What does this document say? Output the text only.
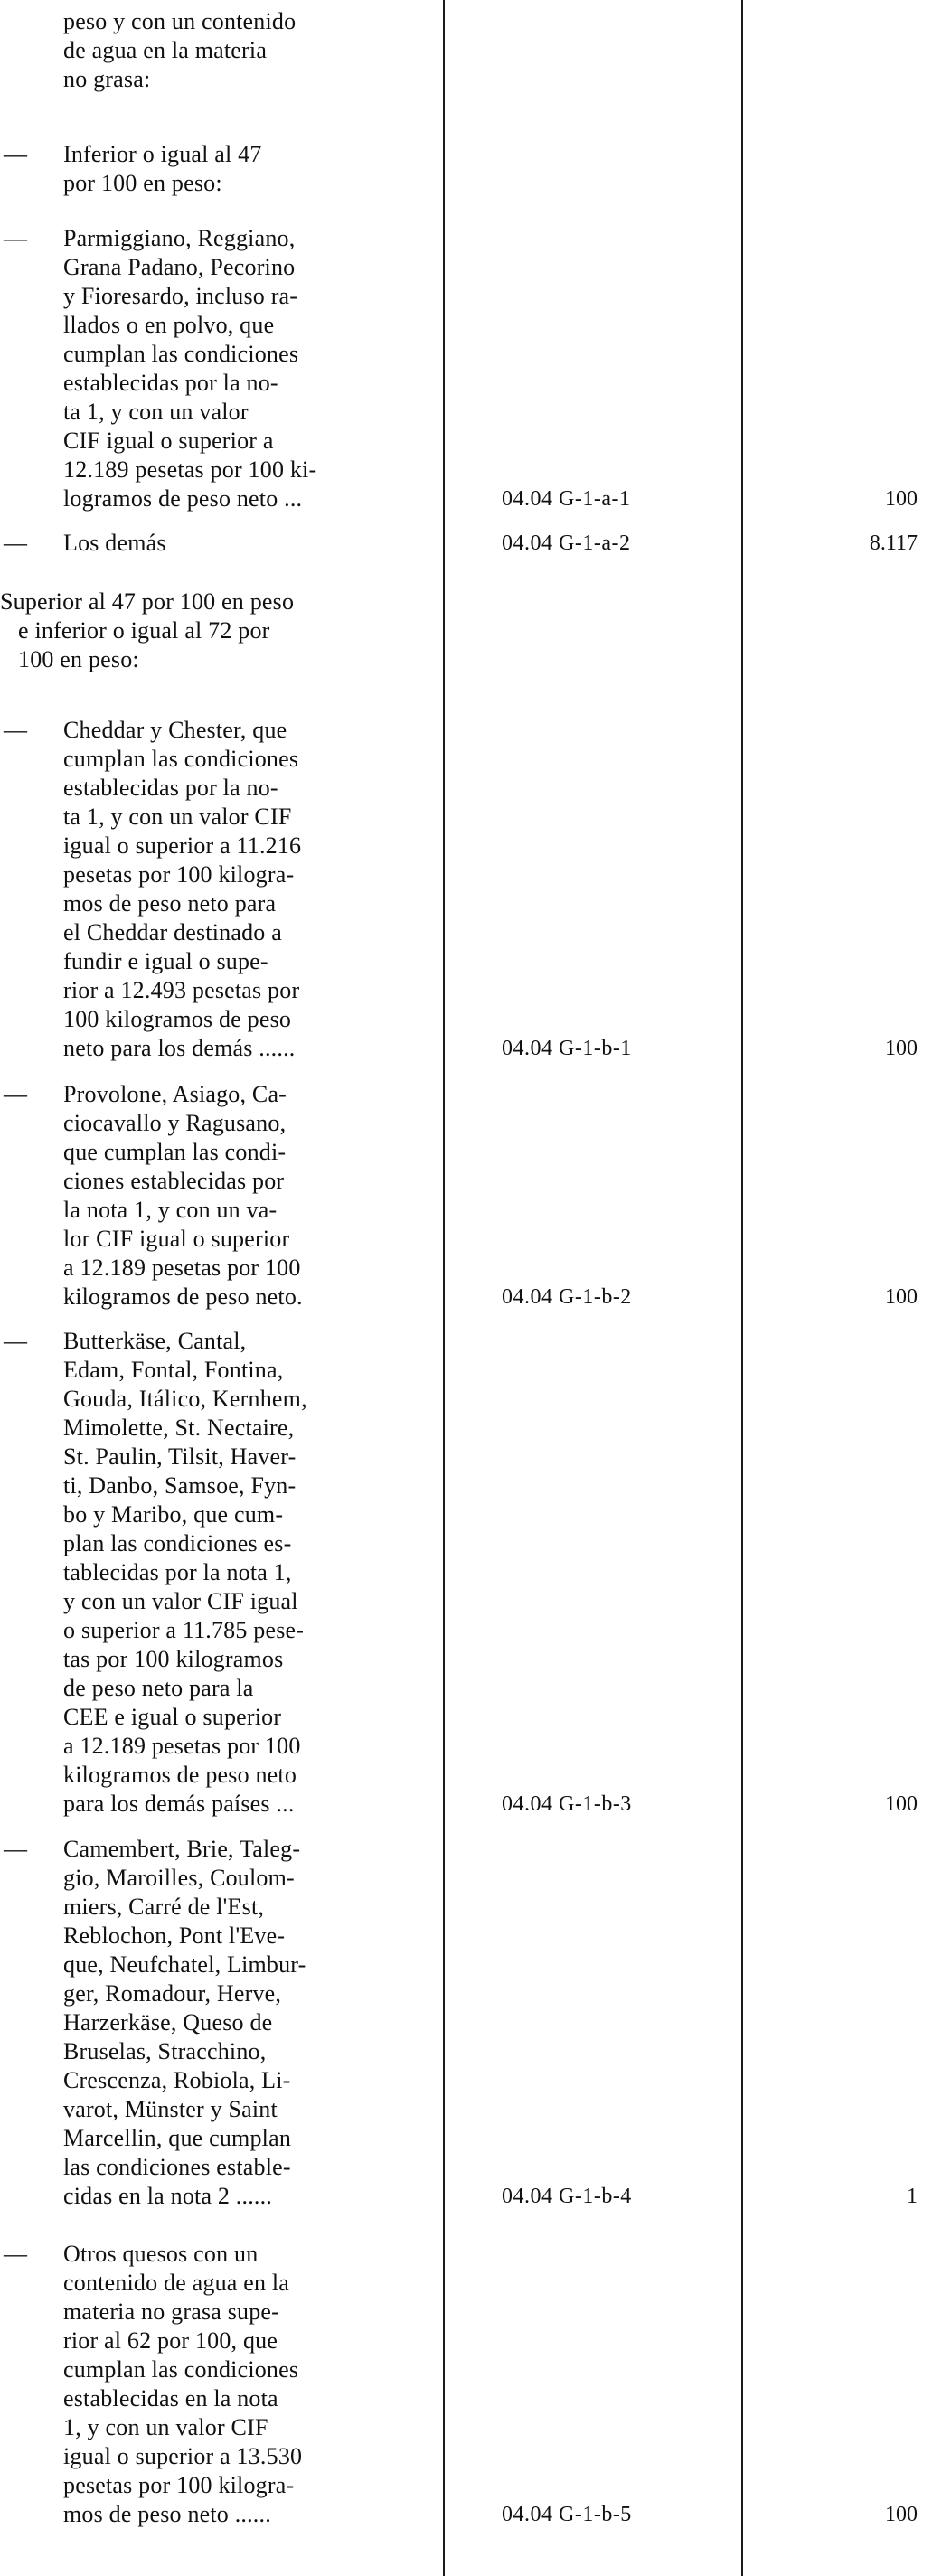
peso y con un contenido
de agua en la materia
no grasa:
— Inferior o igual al 47
por 100 en peso:
— Parmiggiano, Reggiano,
Grana Padano, Pecorino
y Fioresardo, incluso ra-
llados o en polvo, que
cumplan las condiciones
establecidas por la no-
ta 1, y con un valor
CIF igual o superior a
12.189 pesetas por 100 ki-
logramos de peso neto ...	04.04 G-1-a-1	100
— Los demás	04.04 G-1-a-2	8.117
Superior al 47 por 100 en peso
e inferior o igual al 72 por
100 en peso:
— Cheddar y Chester, que
cumplan las condiciones
establecidas por la no-
ta 1, y con un valor CIF
igual o superior a 11.216
pesetas por 100 kilogra-
mos de peso neto para
el Cheddar destinado a
fundir e igual o supe-
rior a 12.493 pesetas por
100 kilogramos de peso
neto para los demás ......	04.04 G-1-b-1	100
— Provolone, Asiago, Ca-
ciocavallo y Ragusano,
que cumplan las condi-
ciones establecidas por
la nota 1, y con un va-
lor CIF igual o superior
a 12.189 pesetas por 100
kilogramos de peso neto.	04.04 G-1-b-2	100
— Butterkäse, Cantal,
Edam, Fontal, Fontina,
Gouda, Itálico, Kernhem,
Mimolette, St. Nectaire,
St. Paulin, Tilsit, Haver-
ti, Danbo, Samsoe, Fyn-
bo y Maribo, que cum-
plan las condiciones es-
tablecidas por la nota 1,
y con un valor CIF igual
o superior a 11.785 pese-
tas por 100 kilogramos
de peso neto para la
CEE e igual o superior
a 12.189 pesetas por 100
kilogramos de peso neto
para los demás países ...	04.04 G-1-b-3	100
— Camembert, Brie, Taleg-
gio, Maroilles, Coulom-
miers, Carré de l'Est,
Reblochon, Pont l'Eve-
que, Neufchatel, Limbur-
ger, Romadour, Herve,
Harzerkäse, Queso de
Bruselas, Stracchino,
Crescenza, Robiola, Li-
varot, Münster y Saint
Marcellin, que cumplan
las condiciones estable-
cidas en la nota 2 ......	04.04 G-1-b-4	1
— Otros quesos con un
contenido de agua en la
materia no grasa supe-
rior al 62 por 100, que
cumplan las condiciones
establecidas en la nota
1, y con un valor CIF
igual o superior a 13.530
pesetas por 100 kilogra-
mos de peso neto ......	04.04 G-1-b-5	100
